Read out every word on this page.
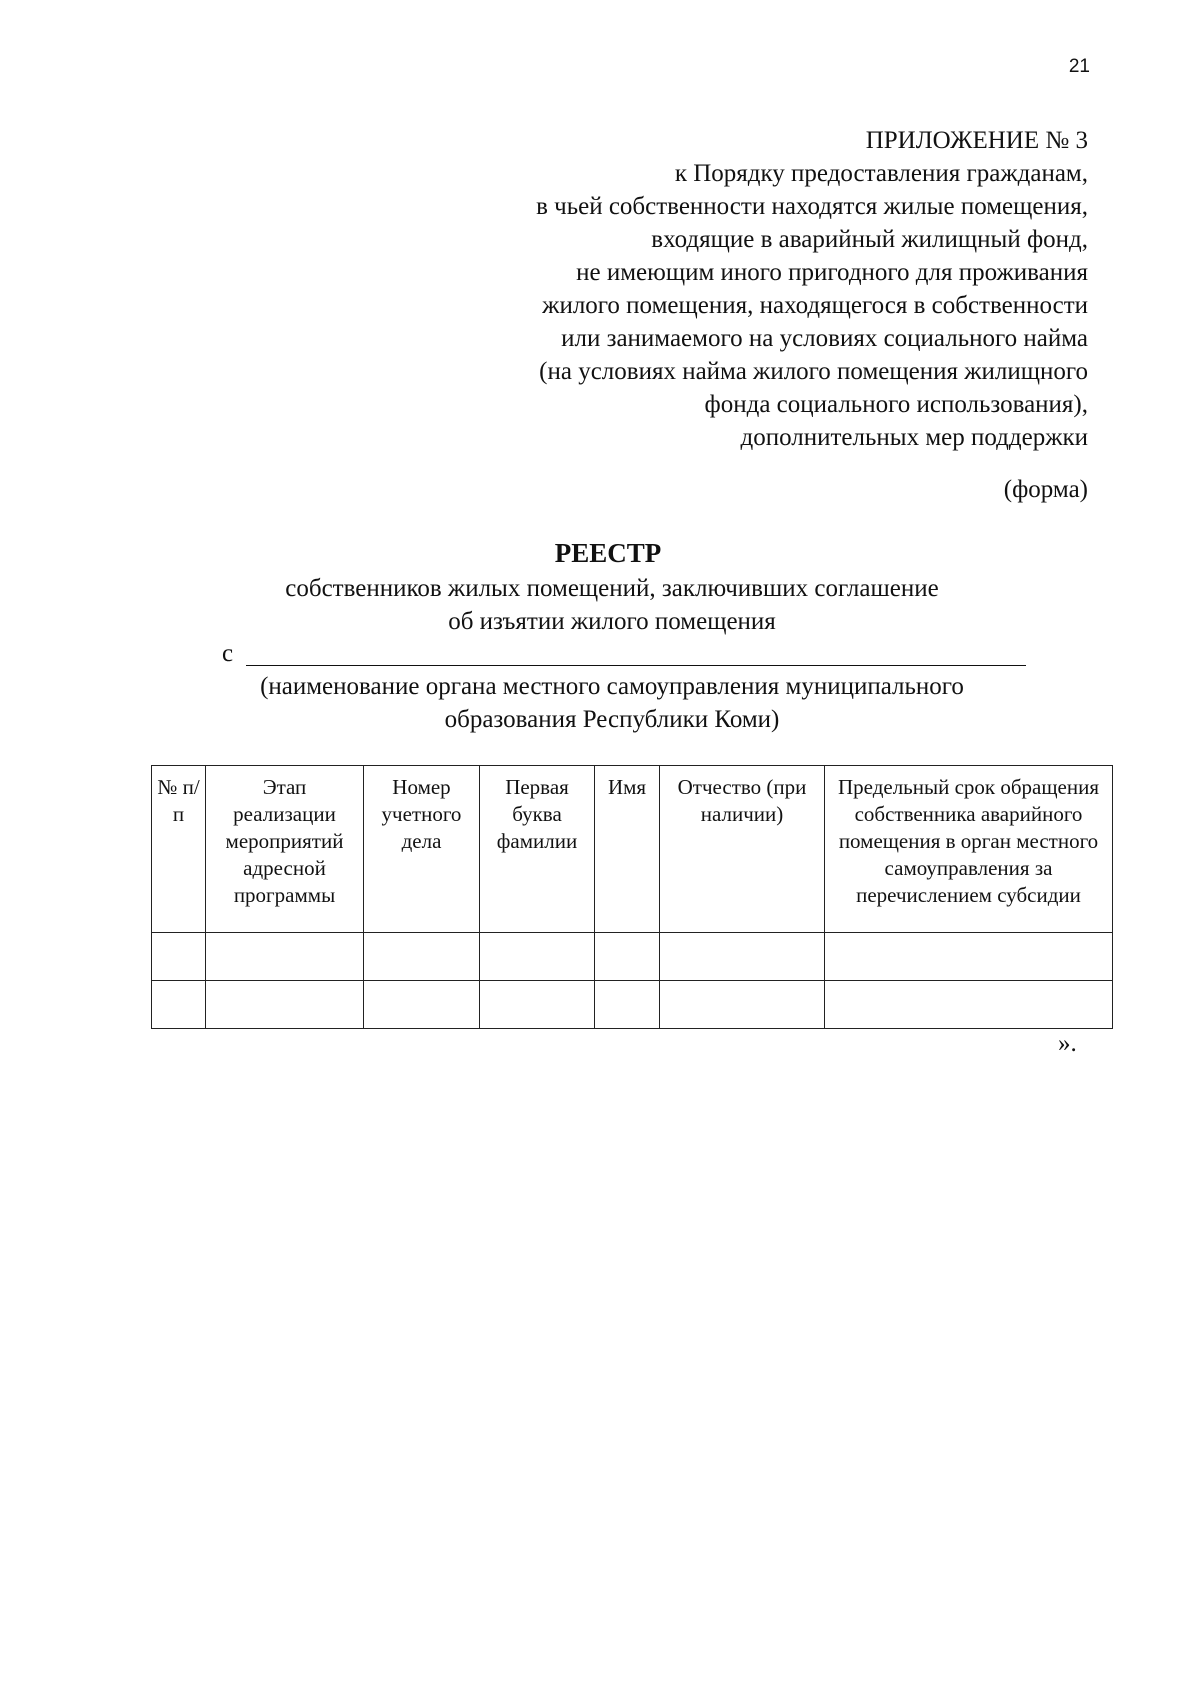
21
ПРИЛОЖЕНИЕ № 3
к Порядку предоставления гражданам,
в чьей собственности находятся жилые помещения,
входящие в аварийный жилищный фонд,
не имеющим иного пригодного для проживания
жилого помещения, находящегося в собственности
или занимаемого на условиях социального найма
(на условиях найма жилого помещения жилищного
фонда социального использования),
дополнительных мер поддержки
(форма)
РЕЕСТР
собственников жилых помещений, заключивших соглашение
об изъятии жилого помещения
с
(наименование органа местного самоуправления муниципального
образования Республики Коми)
№ п/п	Этап реализации мероприятий адресной программы	Номер учетного дела	Первая буква фамилии	Имя	Отчество (при наличии)	Предельный срок обращения собственника аварийного помещения в орган местного самоуправления за перечислением субсидии

».
